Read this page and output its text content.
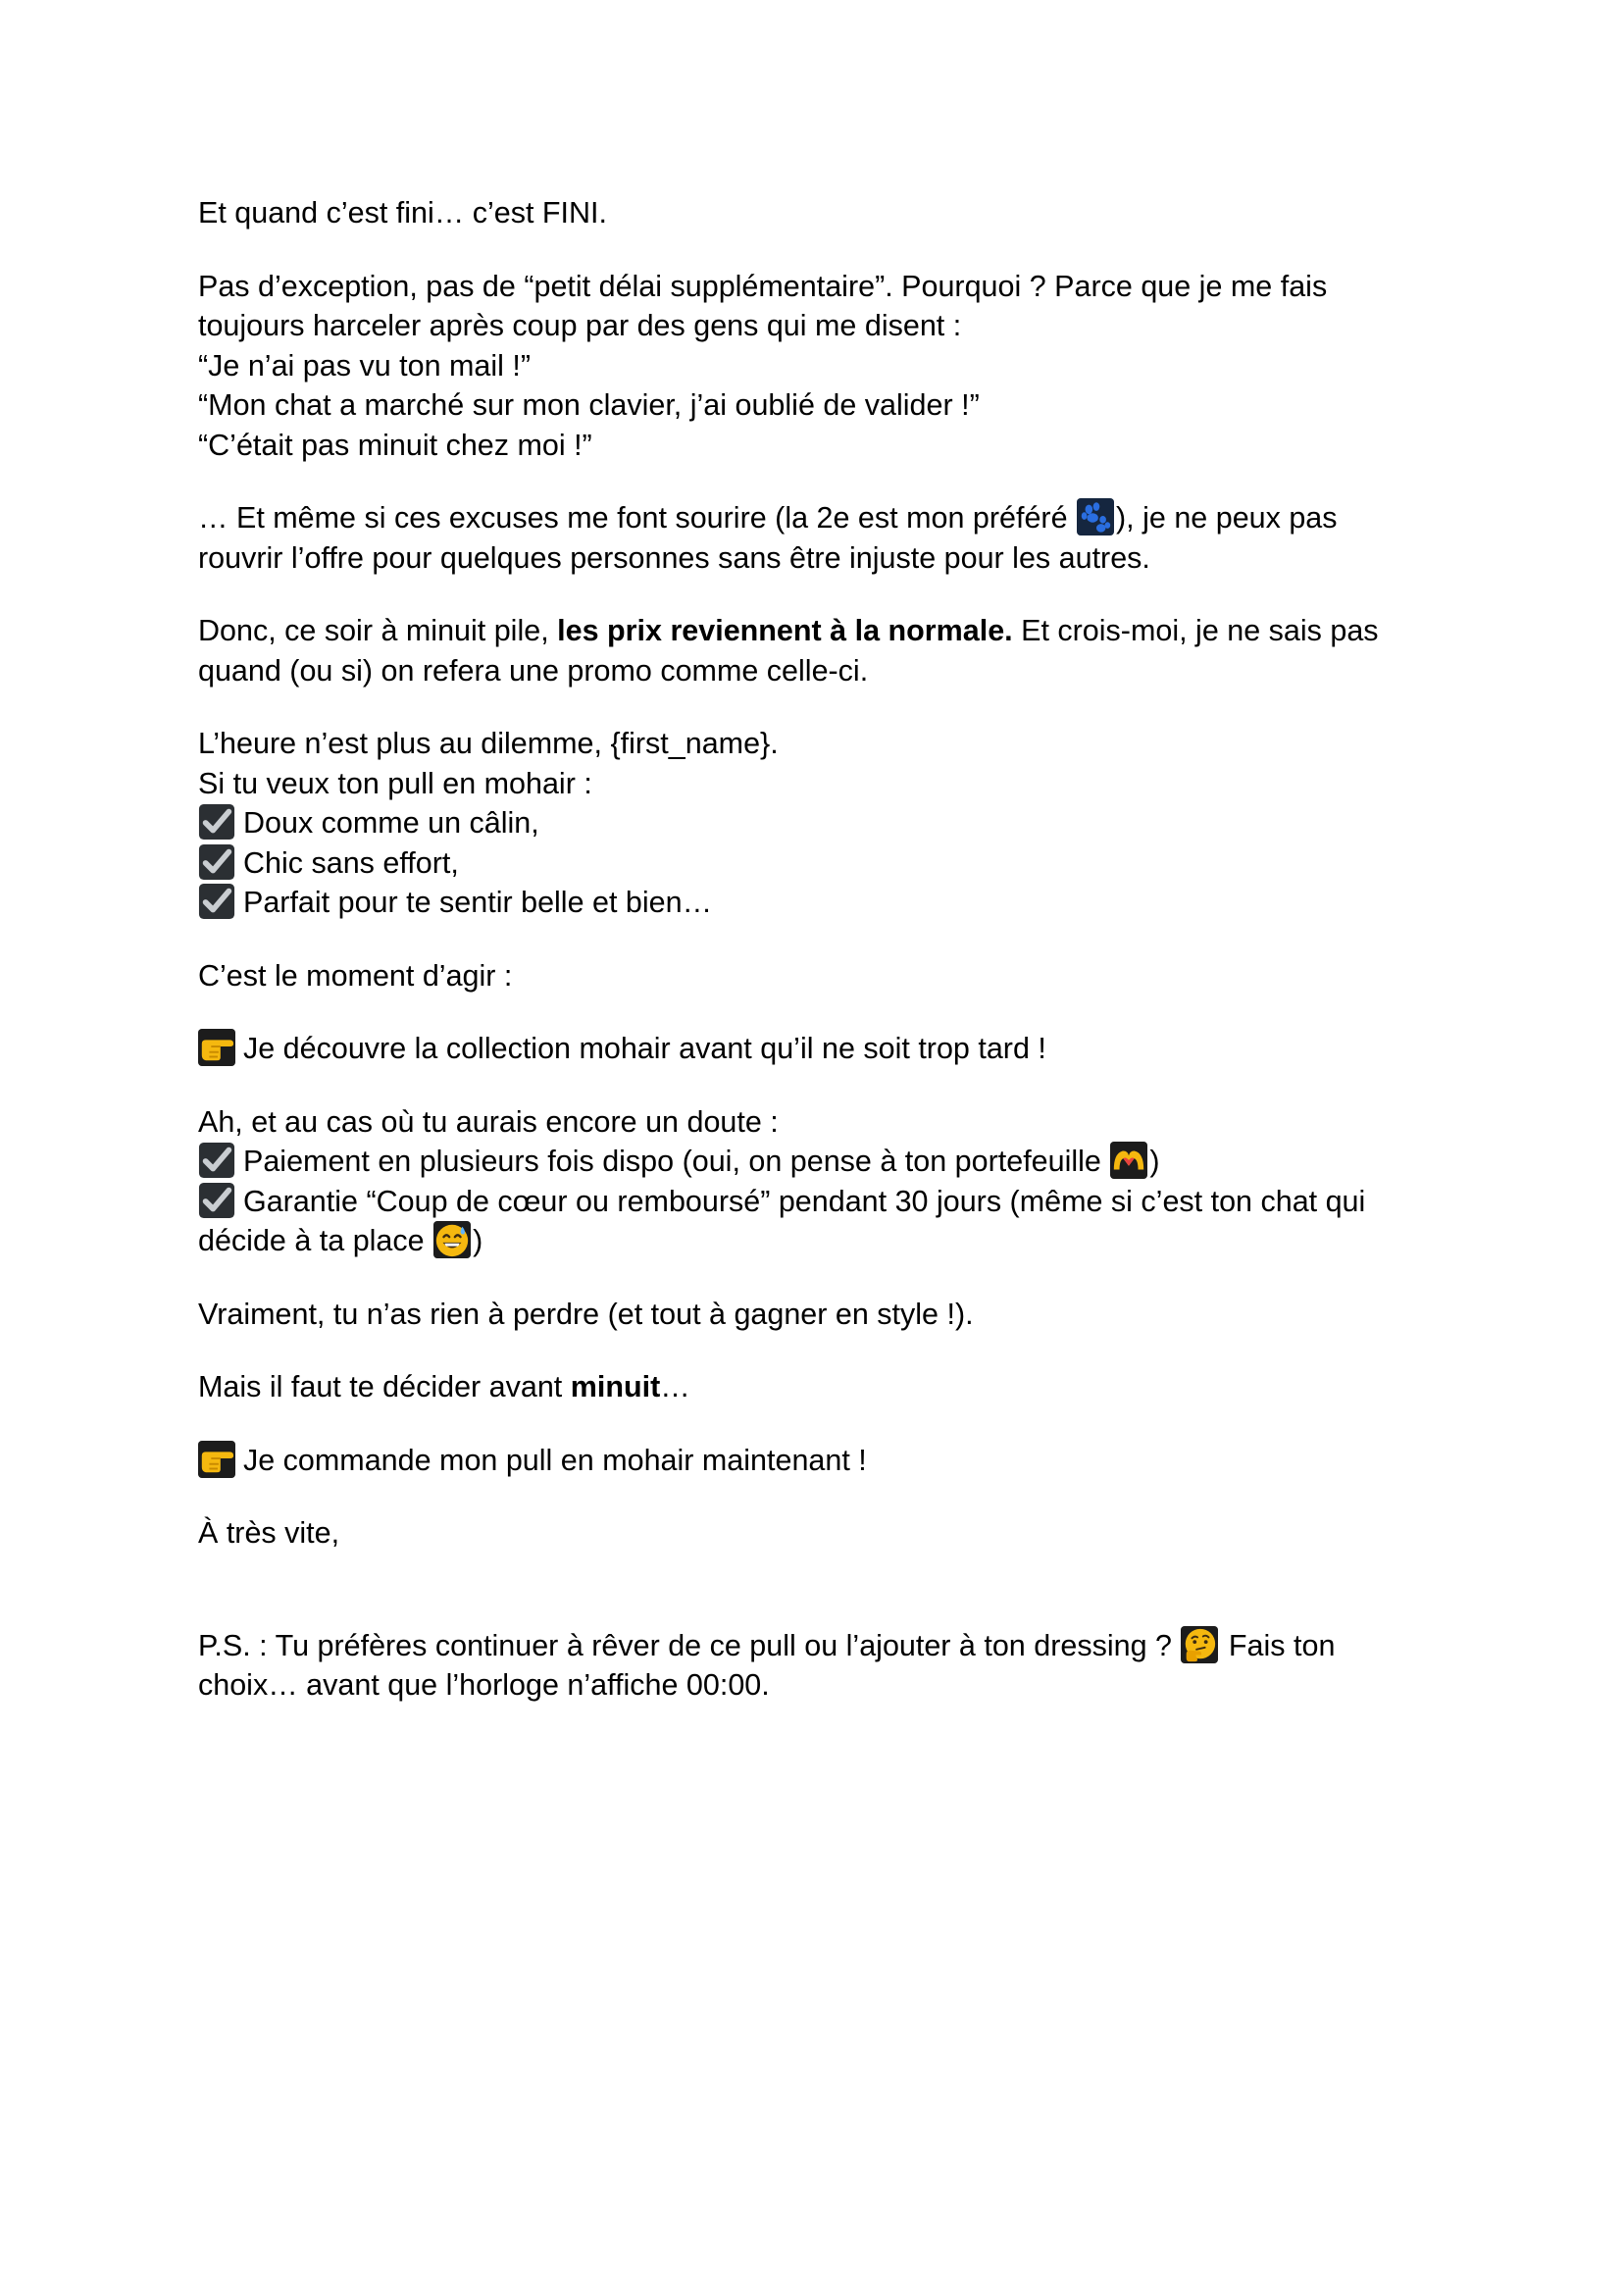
Et quand c’est fini… c’est FINI.

Pas d’exception, pas de “petit délai supplémentaire”. Pourquoi ? Parce que je me fais
toujours harceler après coup par des gens qui me disent :
“Je n’ai pas vu ton mail !”
“Mon chat a marché sur mon clavier, j’ai oublié de valider !”
“C’était pas minuit chez moi !”

… Et même si ces excuses me font sourire (la 2e est mon préféré
), je ne peux pas
rouvrir l’offre pour quelques personnes sans être injuste pour les autres.

Donc, ce soir à minuit pile, les prix reviennent à la normale. Et crois-moi, je ne sais pas
quand (ou si) on refera une promo comme celle-ci.

L’heure n’est plus au dilemme, {first_name}.
Si tu veux ton pull en mohair :
Doux comme un câlin,
Chic sans effort,
Parfait pour te sentir belle et bien…

C’est le moment d’agir :

Je découvre la collection mohair avant qu’il ne soit trop tard !

Ah, et au cas où tu aurais encore un doute :
Paiement en plusieurs fois dispo (oui, on pense à ton portefeuille
)
Garantie “Coup de cœur ou remboursé” pendant 30 jours (même si c’est ton chat qui
décide à ta place
)

Vraiment, tu n’as rien à perdre (et tout à gagner en style !).

Mais il faut te décider avant minuit…

Je commande mon pull en mohair maintenant !

À très vite,

P.S. : Tu préfères continuer à rêver de ce pull ou l’ajouter à ton dressing ?
Fais ton
choix… avant que l’horloge n’affiche 00:00.
